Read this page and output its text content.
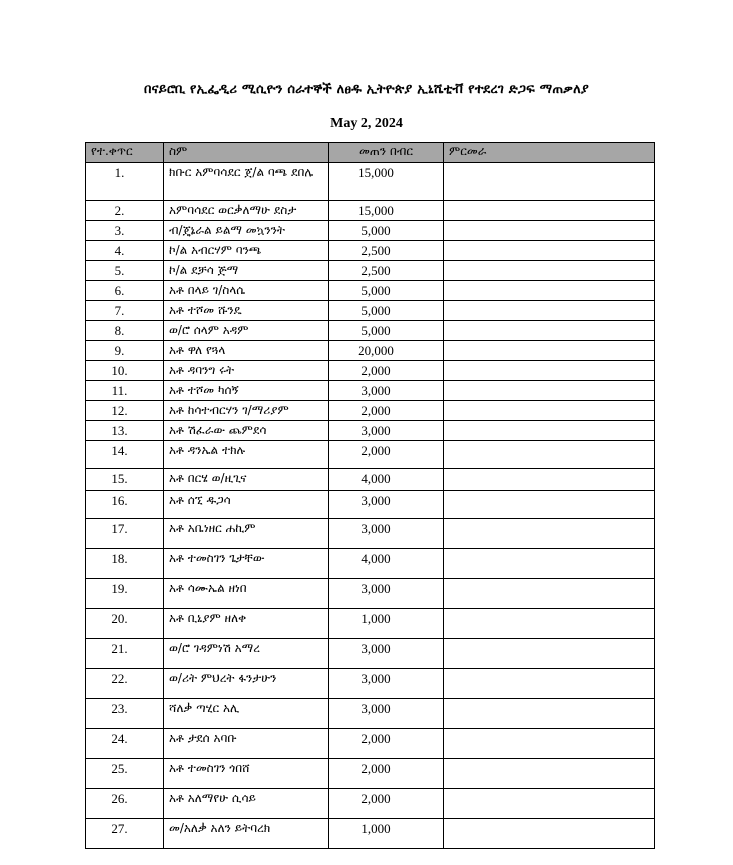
በናይሮቢ የኢፌዲሪ ሚሲዮን ሰራተኞች ለፀዱ ኢትዮጵያ ኢኒሼቲቭ የተደረገ ድጋፍ ማጠቃለያ
May 2, 2024
የተ.ቀጥር	ስም	መጠን በብር	ምርመራ
1.	ክቡር አምባሳደር ጀ/ል ባጫ ደበሌ	15,000	
2.	አምባሳደር ወርቃለማሁ ደስታ	15,000	
3.	ብ/ጄኔራል ይልማ መኳንንት	5,000	
4.	ኮ/ል አብርሃም ባንጫ	2,500	
5.	ኮ/ል ደቻሳ ጅማ	2,500	
6.	አቶ በላይ ገ/ስላሴ	5,000	
7.	አቶ ተሾመ ሹንዴ	5,000	
8.	ወ/ሮ ሰላም አዳም	5,000	
9.	አቶ ዋለ የጓላ	20,000	
10.	አቶ ዳባንግ ሩት	2,000	
11.	አቶ ተሾመ ካሰኝ	3,000	
12.	አቶ ከሳተብርሃን ገ/ማሪያም	2,000	
13.	አቶ ሽፈራው ጨምደሳ	3,000	
14.	አቶ ዳንኤል ተክሉ	2,000	
15.	አቶ በርሄ ወ/ዚጊና	4,000	
16.	አቶ ሰኚ ዱጋሳ	3,000	
17.	አቶ አቤነዘር ሐኪም	3,000	
18.	አቶ ተመስገን ጌታቸው	4,000	
19.	አቶ ሳሙኤል ዘነበ	3,000	
20.	አቶ ቢኒያም ዘለቀ	1,000	
21.	ወ/ሮ ገዳምነሽ አማረ	3,000	
22.	ወ/ሪት ምህረት ፋንታሁን	3,000	
23.	ሻለቃ ጣሂር አሊ	3,000	
24.	አቶ ታደሰ አባቡ	2,000	
25.	አቶ ተመስገን ጎበሸ	2,000	
26.	አቶ አለማየሁ ሲሳይ	2,000	
27.	መ/አለቃ አለን ይትባረክ	1,000	
